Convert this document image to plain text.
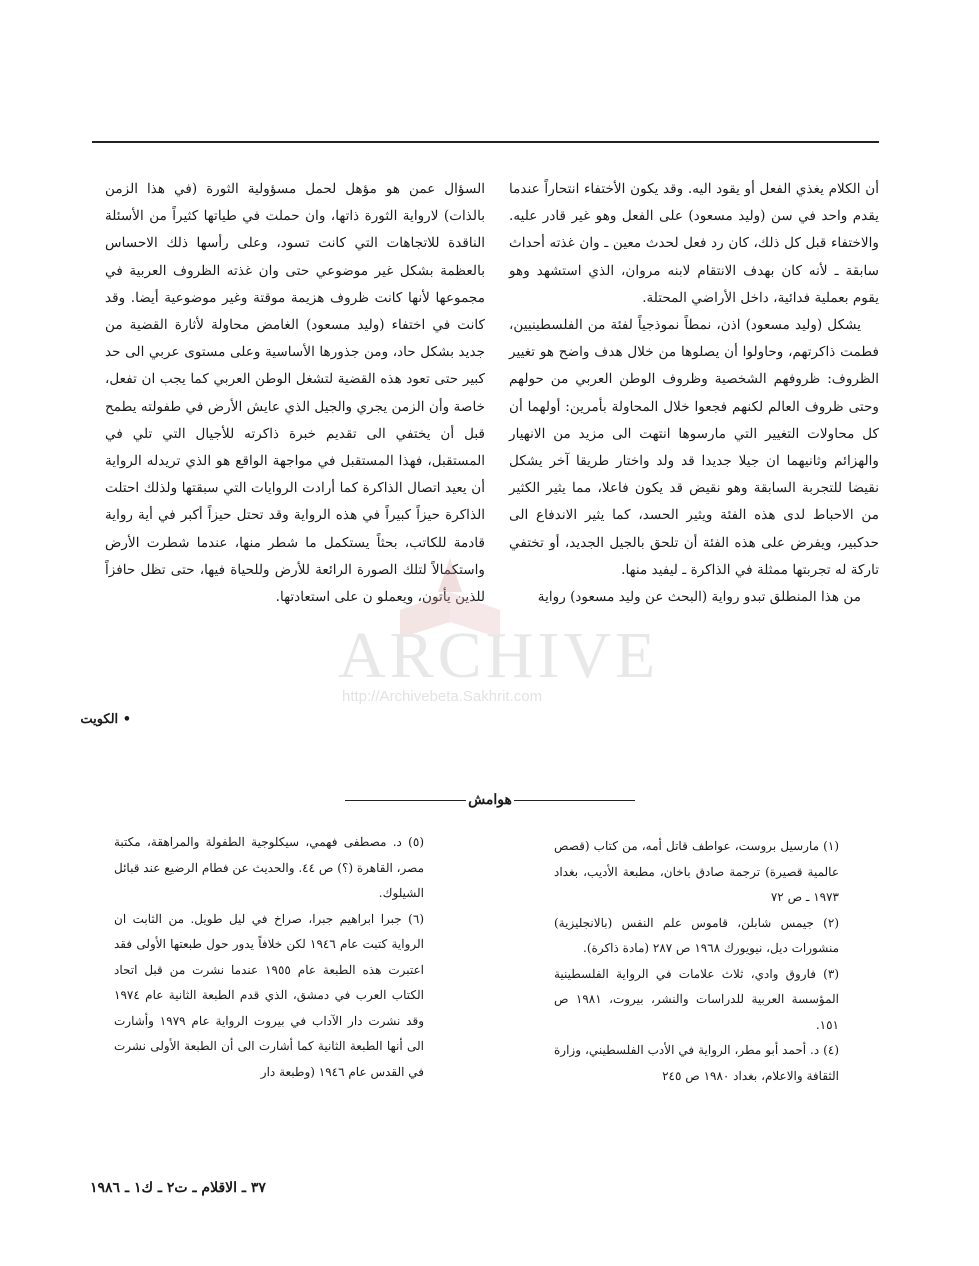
أن الكلام يغذي الفعل أو يقود اليه. وقد يكون الأختفاء انتحاراً عندما يقدم واحد في سن (وليد مسعود) على الفعل وهو غير قادر عليه. والاختفاء قبل كل ذلك، كان رد فعل لحدث معين ـ وان غذته أحداث سابقة ـ لأنه كان بهدف الانتقام لابنه مروان، الذي استشهد وهو يقوم بعملية فدائية، داخل الأراضي المحتلة.

يشكل (وليد مسعود) اذن، نمطاً نموذجياً لفئة من الفلسطينيين، فطمت ذاكرتهم، وحاولوا أن يصلوها من خلال هدف واضح هو تغيير الظروف: ظروفهم الشخصية وظروف الوطن العربي من حولهم وحتى ظروف العالم لكنهم فجعوا خلال المحاولة بأمرين: أولهما أن كل محاولات التغيير التي مارسوها انتهت الى مزيد من الانهيار والهزائم وثانيهما ان جيلا جديدا قد ولد واختار طريقا آخر يشكل نقيضا للتجربة السابقة وهو نقيض قد يكون فاعلا، مما يثير الكثير من الاحباط لدى هذه الفئة ويثير الحسد، كما يثير الاندفاع الى حدكبير، ويفرض على هذه الفئة أن تلحق بالجيل الجديد، أو تختفي تاركة له تجربتها ممثلة في الذاكرة ـ ليفيد منها.

من هذا المنطلق تبدو رواية (البحث عن وليد مسعود) رواية

السؤال عمن هو مؤهل لحمل مسؤولية الثورة (في هذا الزمن بالذات) لارواية الثورة ذاتها، وان حملت في طياتها كثيراً من الأسئلة الناقدة للاتجاهات التي كانت تسود، وعلى رأسها ذلك الاحساس بالعظمة بشكل غير موضوعي حتى وان غذته الظروف العربية في مجموعها لأنها كانت ظروف هزيمة موقتة وغير موضوعية أيضا. وقد كانت في اختفاء (وليد مسعود) الغامض محاولة لأثارة القضية من جديد بشكل حاد، ومن جذورها الأساسية وعلى مستوى عربي الى حد كبير حتى تعود هذه القضية لتشغل الوطن العربي كما يجب ان تفعل، خاصة وأن الزمن يجري والجيل الذي عايش الأرض في طفولته يطمح قبل أن يختفي الى تقديم خبرة ذاكرته للأجيال التي تلي في المستقبل، فهذا المستقبل في مواجهة الواقع هو الذي تريدله الرواية أن يعيد اتصال الذاكرة كما أرادت الروايات التي سبقتها ولذلك احتلت الذاكرة حيزاً كبيراً في هذه الرواية وقد تحتل حيزاً أكبر في أية رواية قادمة للكاتب، بحثاً يستكمل ما شطر منها، عندما شطرت الأرض واستكمالاً لتلك الصورة الرائعة للأرض وللحياة فيها، حتى تظل حافزاً للذين يأتون، ويعملو ن على استعادتها.

• الكويت
هوامش

(١) مارسيل بروست، عواطف قاتل أمه، من كتاب (قصص عالمية قصيرة) ترجمة صادق باخان، مطبعة الأديب، بغداد ١٩٧٣ ـ ص ٧٢

(٢) جيمس شابلن، قاموس علم النفس (بالانجليزية) منشورات ديل، نيويورك ١٩٦٨ ص ٢٨٧ (مادة ذاكرة).

(٣) فاروق وادي، ثلاث علامات في الرواية الفلسطينية المؤسسة العربية للدراسات والنشر، بيروت، ١٩٨١ ص ١٥١.

(٤) د. أحمد أبو مطر، الرواية في الأدب الفلسطيني، وزارة الثقافة والاعلام، بغداد ١٩٨٠ ص ٢٤٥

(٥) د. مصطفى فهمي، سيكلوجية الطفولة والمراهقة، مكتبة مصر، القاهرة (؟) ص ٤٤. والحديث عن فطام الرضيع عند قبائل الشيلوك.

(٦) جبرا ابراهيم جبرا، صراخ في ليل طويل. من الثابت ان الرواية كتبت عام ١٩٤٦ لكن خلافاً يدور حول طبعتها الأولى فقد اعتبرت هذه الطبعة عام ١٩٥٥ عندما نشرت من قبل اتحاد الكتاب العرب في دمشق، الذي قدم الطبعة الثانية عام ١٩٧٤ وقد نشرت دار الآداب في بيروت الرواية عام ١٩٧٩ وأشارت الى أنها الطبعة الثانية كما أشارت الى أن الطبعة الأولى نشرت في القدس عام ١٩٤٦ (وطبعة دار

٣٧ ـ الاقلام ـ ت٢ ـ ك١ ـ ١٩٨٦
ARCHIVE
http://Archivebeta.Sakhrit.com
